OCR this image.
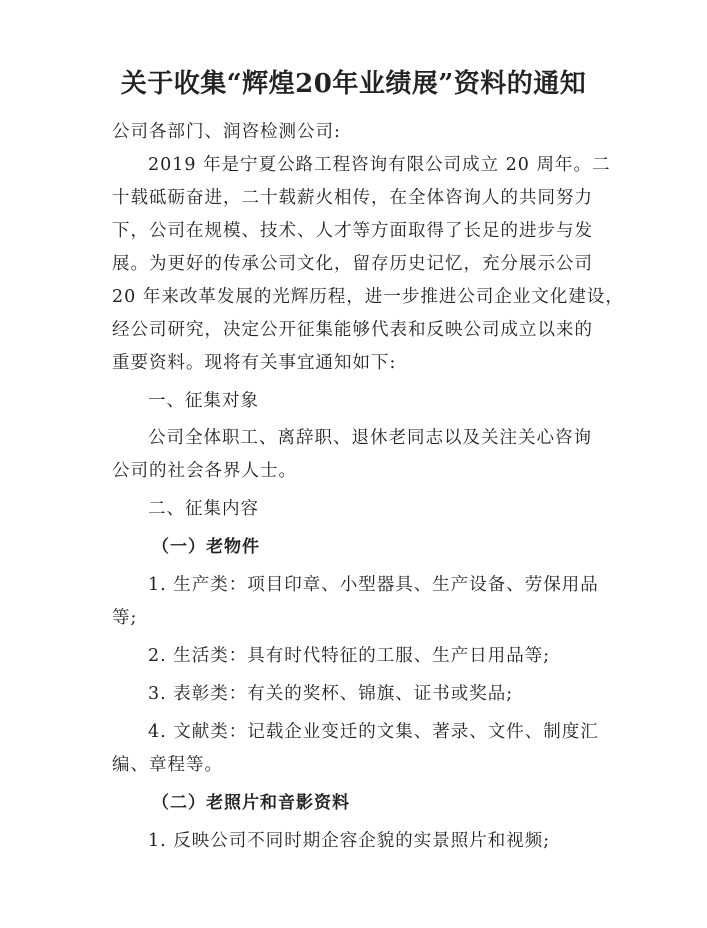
关于收集“辉煌20年业绩展”资料的通知
公司各部门、润咨检测公司:
2019 年是宁夏公路工程咨询有限公司成立 20 周年。二
十载砥砺奋进，二十载薪火相传，在全体咨询人的共同努力
下，公司在规模、技术、人才等方面取得了长足的进步与发
展。为更好的传承公司文化，留存历史记忆，充分展示公司
20 年来改革发展的光辉历程，进一步推进公司企业文化建设，
经公司研究，决定公开征集能够代表和反映公司成立以来的
重要资料。现将有关事宜通知如下:
一、征集对象
公司全体职工、离辞职、退休老同志以及关注关心咨询
公司的社会各界人士。
二、征集内容
（一）老物件
1. 生产类：项目印章、小型器具、生产设备、劳保用品
等;
2. 生活类：具有时代特征的工服、生产日用品等;
3. 表彰类：有关的奖杯、锦旗、证书或奖品;
4. 文献类：记载企业变迁的文集、著录、文件、制度汇
编、章程等。
（二）老照片和音影资料
1. 反映公司不同时期企容企貌的实景照片和视频;
